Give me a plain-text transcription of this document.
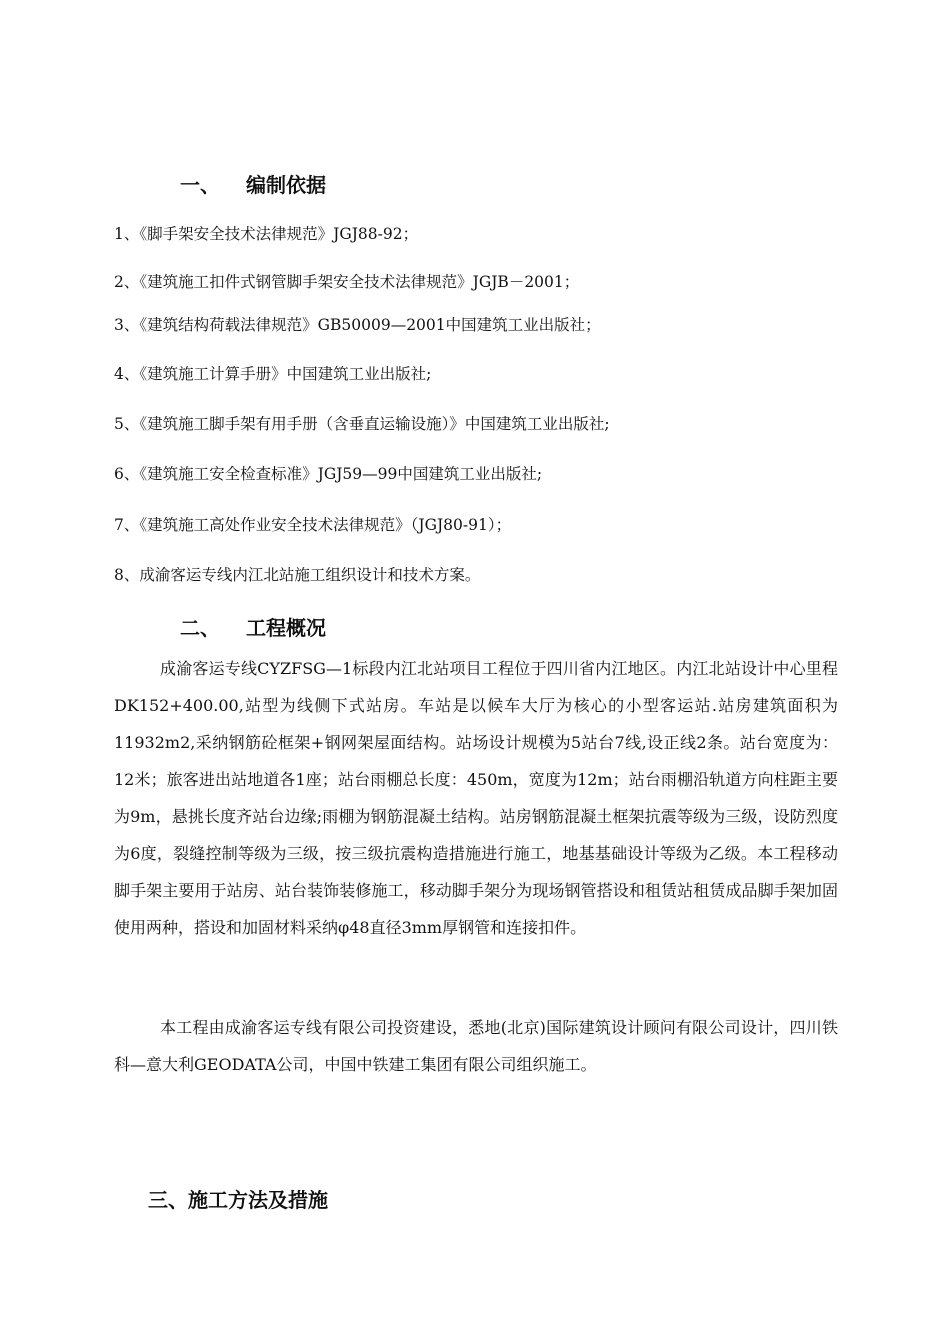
一、 编制依据
1、《脚手架安全技术法律规范》JGJ88-92；
2、《建筑施工扣件式钢管脚手架安全技术法律规范》JGJB－2001；
3、《建筑结构荷载法律规范》GB50009—2001中国建筑工业出版社；
4、《建筑施工计算手册》中国建筑工业出版社;
5、《建筑施工脚手架有用手册（含垂直运输设施）》中国建筑工业出版社;
6、《建筑施工安全检查标准》JGJ59—99中国建筑工业出版社;
7、《建筑施工高处作业安全技术法律规范》（JGJ80-91）；
8、成渝客运专线内江北站施工组织设计和技术方案。
二、 工程概况

成渝客运专线CYZFSG—1标段内江北站项目工程位于四川省内江地区。内江北站设计中心里程DK152+400.00,站型为线侧下式站房。车站是以候车大厅为核心的小型客运站.站房建筑面积为11932m2,采纳钢筋砼框架+钢网架屋面结构。站场设计规模为5站台7线,设正线2条。站台宽度为：12米；旅客进出站地道各1座；站台雨棚总长度：450m，宽度为12m；站台雨棚沿轨道方向柱距主要为9m，悬挑长度齐站台边缘;雨棚为钢筋混凝土结构。站房钢筋混凝土框架抗震等级为三级，设防烈度为6度，裂缝控制等级为三级，按三级抗震构造措施进行施工，地基基础设计等级为乙级。本工程移动脚手架主要用于站房、站台装饰装修施工，移动脚手架分为现场钢管搭设和租赁站租赁成品脚手架加固使用两种，搭设和加固材料采纳φ48直径3mm厚钢管和连接扣件。

本工程由成渝客运专线有限公司投资建设，悉地(北京)国际建筑设计顾问有限公司设计，四川铁科—意大利GEODATA公司，中国中铁建工集团有限公司组织施工。

三、施工方法及措施
